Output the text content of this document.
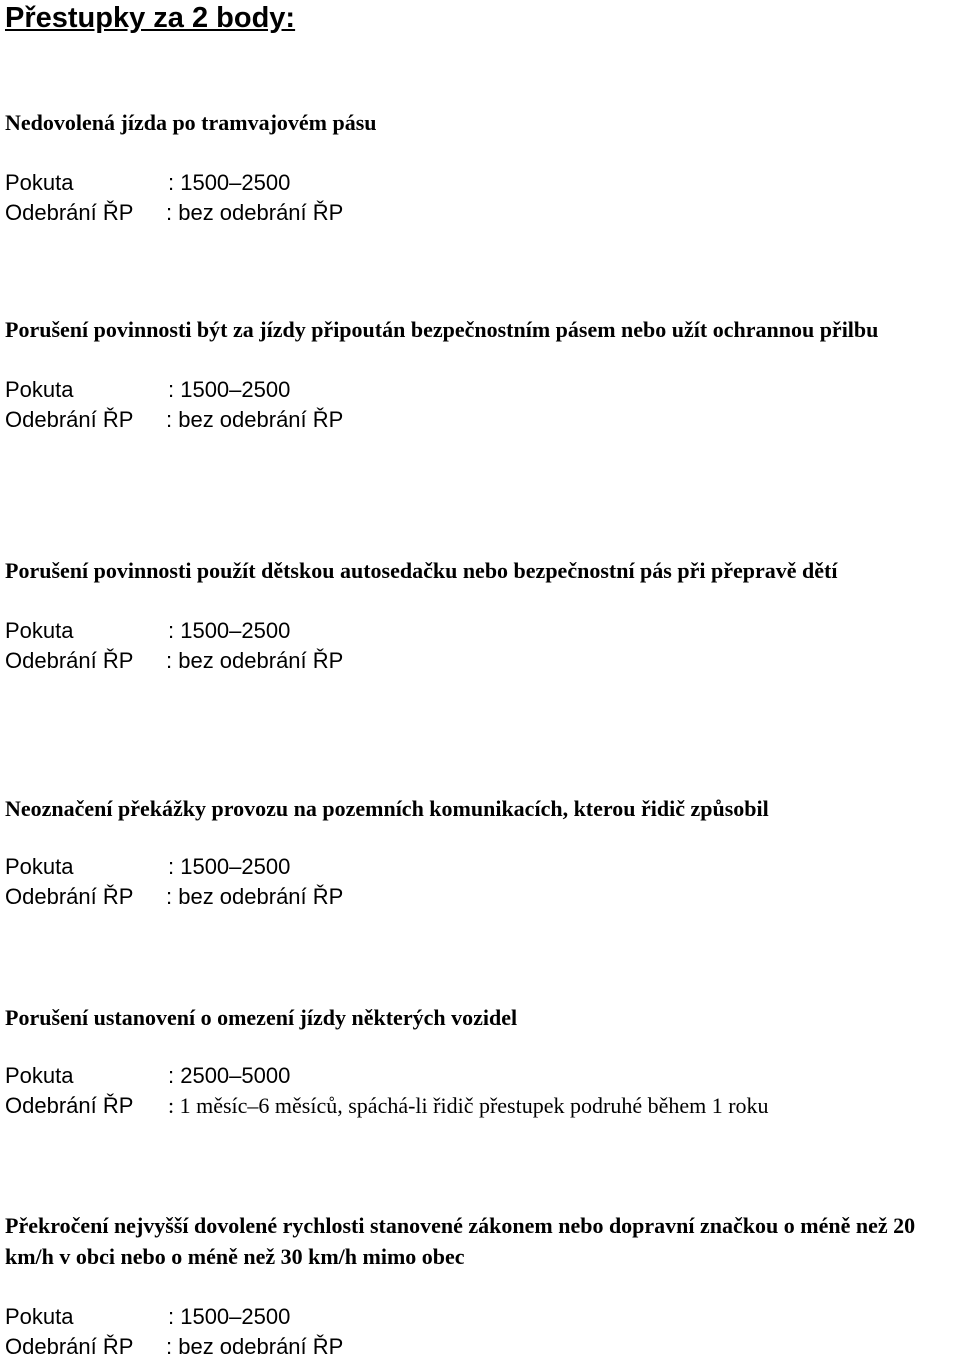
Přestupky za 2 body:

Nedovolená jízda po tramvajovém pásu

Pokuta	: 1500–2500
Odebrání ŘP : bez odebrání ŘP

Porušení povinnosti být za jízdy připoután bezpečnostním pásem nebo užít ochrannou přilbu

Pokuta	: 1500–2500
Odebrání ŘP : bez odebrání ŘP

Porušení povinnosti použít dětskou autosedačku nebo bezpečnostní pás při přepravě dětí

Pokuta	: 1500–2500
Odebrání ŘP : bez odebrání ŘP

Neoznačení překážky provozu na pozemních komunikacích, kterou řidič způsobil

Pokuta	: 1500–2500
Odebrání ŘP : bez odebrání ŘP

Porušení ustanovení o omezení jízdy některých vozidel

Pokuta	: 2500–5000
Odebrání ŘP : 1 měsíc–6 měsíců, spáchá-li řidič přestupek podruhé během 1 roku

Překročení nejvyšší dovolené rychlosti stanovené zákonem nebo dopravní značkou o méně než 20 km/h v obci nebo o méně než 30 km/h mimo obec

Pokuta	: 1500–2500
Odebrání ŘP : bez odebrání ŘP
